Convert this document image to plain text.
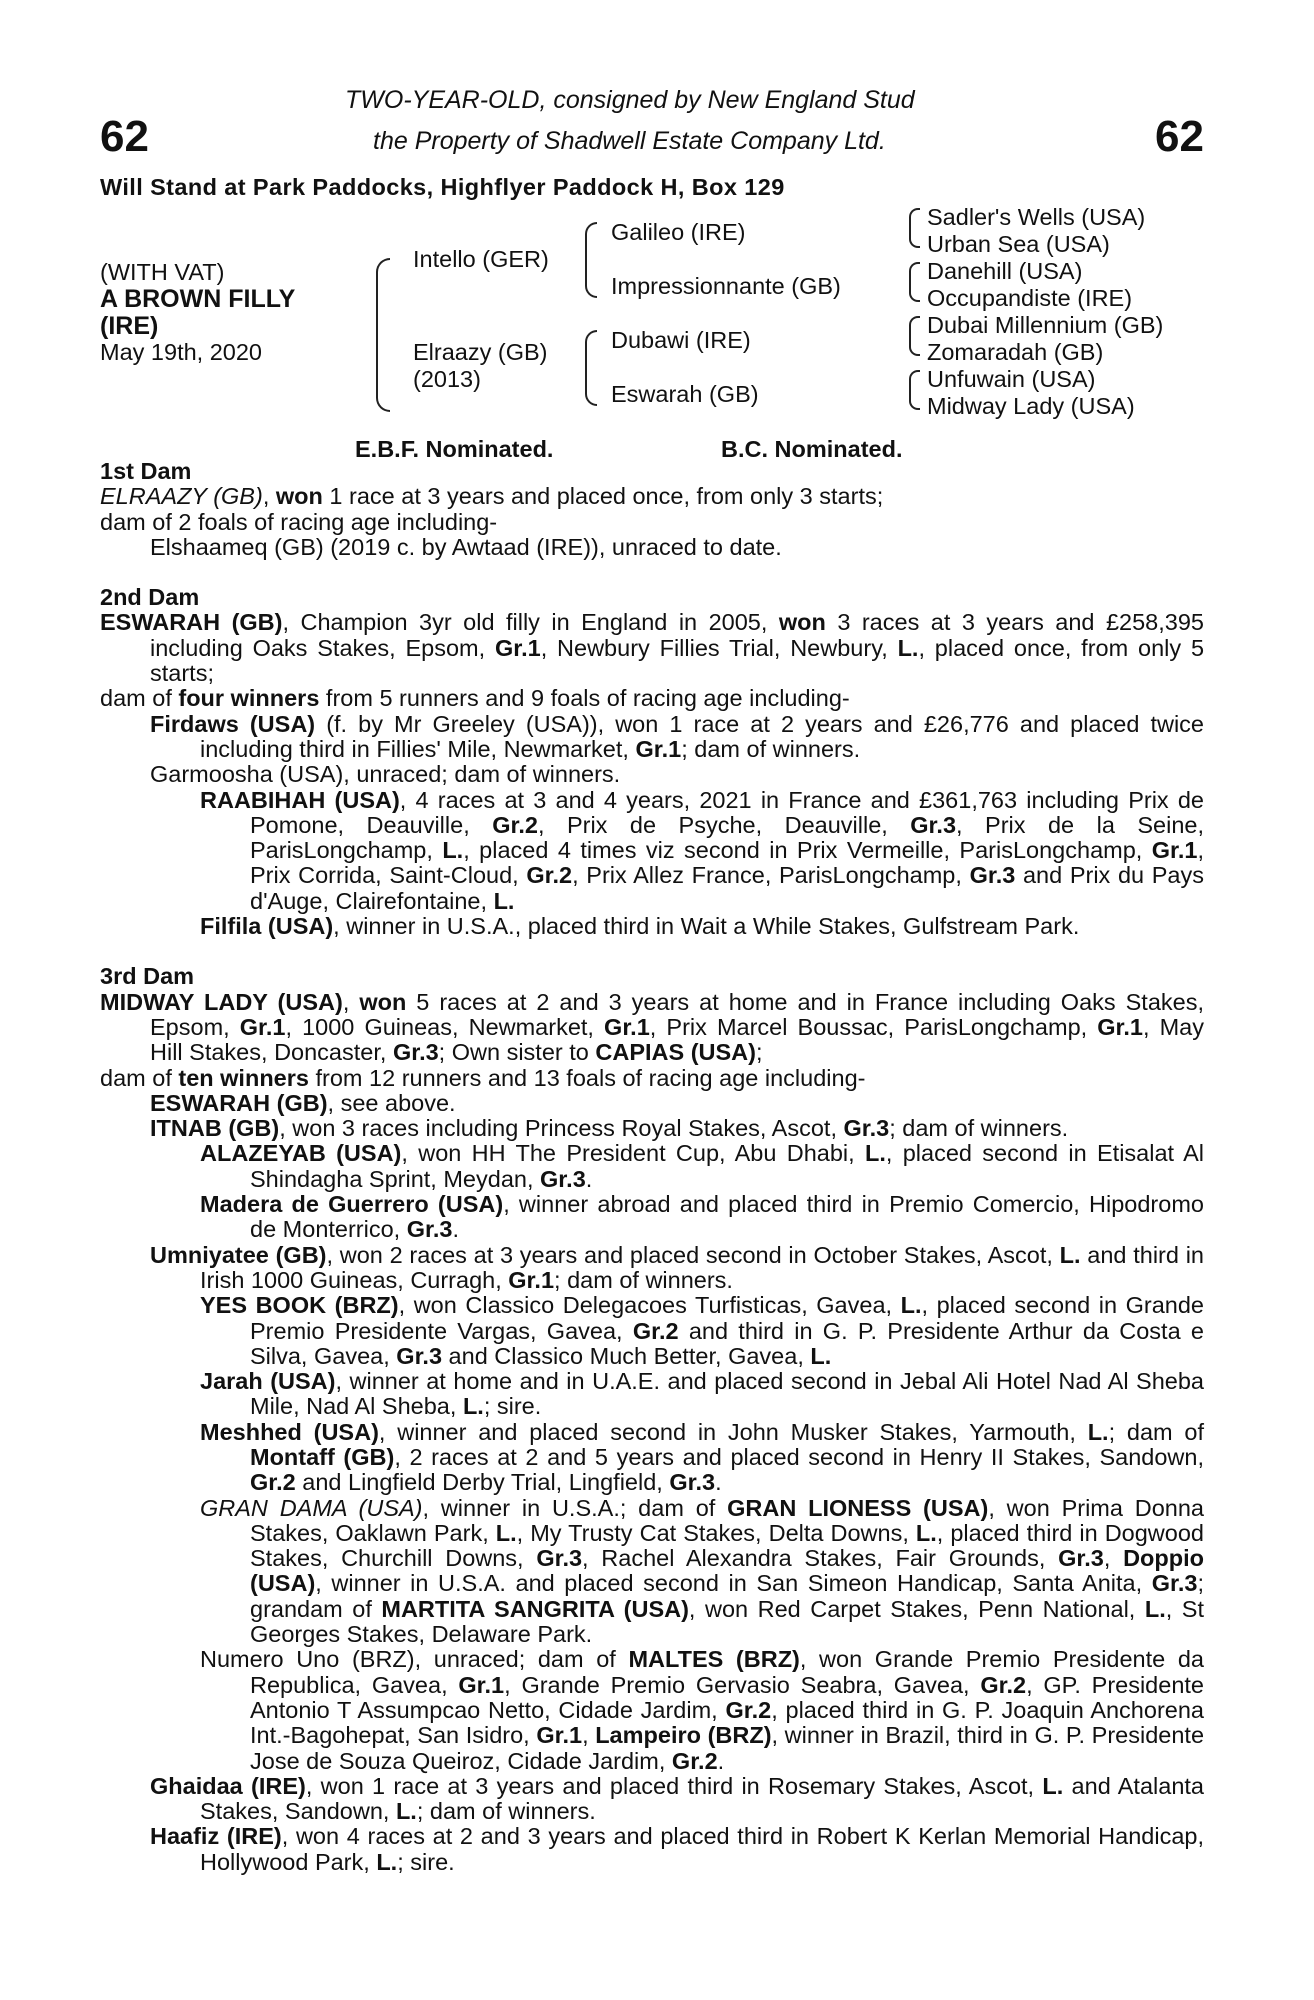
62	62
TWO-YEAR-OLD, consigned by New England Stud
the Property of Shadwell Estate Company Ltd.
Will Stand at Park Paddocks, Highflyer Paddock H, Box 129
(WITH VAT)
A BROWN FILLY
(IRE)
May 19th, 2020
Intello (GER)
Elraazy (GB)
(2013)
Galileo (IRE)
Impressionnante (GB)
Dubawi (IRE)
Eswarah (GB)
Sadler's Wells (USA)
Urban Sea (USA)
Danehill (USA)
Occupandiste (IRE)
Dubai Millennium (GB)
Zomaradah (GB)
Unfuwain (USA)
Midway Lady (USA)
E.B.F. Nominated.	B.C. Nominated.
1st Dam
ELRAAZY (GB), won 1 race at 3 years and placed once, from only 3 starts;
dam of 2 foals of racing age including-
Elshaameq (GB) (2019 c. by Awtaad (IRE)), unraced to date.
2nd Dam
ESWARAH (GB), Champion 3yr old filly in England in 2005, won 3 races at 3 years and £258,395 including Oaks Stakes, Epsom, Gr.1, Newbury Fillies Trial, Newbury, L., placed once, from only 5 starts;
dam of four winners from 5 runners and 9 foals of racing age including-
Firdaws (USA) (f. by Mr Greeley (USA)), won 1 race at 2 years and £26,776 and placed twice including third in Fillies' Mile, Newmarket, Gr.1; dam of winners.
Garmoosha (USA), unraced; dam of winners.
RAABIHAH (USA), 4 races at 3 and 4 years, 2021 in France and £361,763 including Prix de Pomone, Deauville, Gr.2, Prix de Psyche, Deauville, Gr.3, Prix de la Seine, ParisLongchamp, L., placed 4 times viz second in Prix Vermeille, ParisLongchamp, Gr.1, Prix Corrida, Saint-Cloud, Gr.2, Prix Allez France, ParisLongchamp, Gr.3 and Prix du Pays d'Auge, Clairefontaine, L.
Filfila (USA), winner in U.S.A., placed third in Wait a While Stakes, Gulfstream Park.
3rd Dam
MIDWAY LADY (USA), won 5 races at 2 and 3 years at home and in France including Oaks Stakes, Epsom, Gr.1, 1000 Guineas, Newmarket, Gr.1, Prix Marcel Boussac, ParisLongchamp, Gr.1, May Hill Stakes, Doncaster, Gr.3; Own sister to CAPIAS (USA);
dam of ten winners from 12 runners and 13 foals of racing age including-
ESWARAH (GB), see above.
ITNAB (GB), won 3 races including Princess Royal Stakes, Ascot, Gr.3; dam of winners.
ALAZEYAB (USA), won HH The President Cup, Abu Dhabi, L., placed second in Etisalat Al Shindagha Sprint, Meydan, Gr.3.
Madera de Guerrero (USA), winner abroad and placed third in Premio Comercio, Hipodromo de Monterrico, Gr.3.
Umniyatee (GB), won 2 races at 3 years and placed second in October Stakes, Ascot, L. and third in Irish 1000 Guineas, Curragh, Gr.1; dam of winners.
YES BOOK (BRZ), won Classico Delegacoes Turfisticas, Gavea, L., placed second in Grande Premio Presidente Vargas, Gavea, Gr.2 and third in G. P. Presidente Arthur da Costa e Silva, Gavea, Gr.3 and Classico Much Better, Gavea, L.
Jarah (USA), winner at home and in U.A.E. and placed second in Jebal Ali Hotel Nad Al Sheba Mile, Nad Al Sheba, L.; sire.
Meshhed (USA), winner and placed second in John Musker Stakes, Yarmouth, L.; dam of Montaff (GB), 2 races at 2 and 5 years and placed second in Henry II Stakes, Sandown, Gr.2 and Lingfield Derby Trial, Lingfield, Gr.3.
GRAN DAMA (USA), winner in U.S.A.; dam of GRAN LIONESS (USA), won Prima Donna Stakes, Oaklawn Park, L., My Trusty Cat Stakes, Delta Downs, L., placed third in Dogwood Stakes, Churchill Downs, Gr.3, Rachel Alexandra Stakes, Fair Grounds, Gr.3, Doppio (USA), winner in U.S.A. and placed second in San Simeon Handicap, Santa Anita, Gr.3; grandam of MARTITA SANGRITA (USA), won Red Carpet Stakes, Penn National, L., St Georges Stakes, Delaware Park.
Numero Uno (BRZ), unraced; dam of MALTES (BRZ), won Grande Premio Presidente da Republica, Gavea, Gr.1, Grande Premio Gervasio Seabra, Gavea, Gr.2, GP. Presidente Antonio T Assumpcao Netto, Cidade Jardim, Gr.2, placed third in G. P. Joaquin Anchorena Int.-Bagohepat, San Isidro, Gr.1, Lampeiro (BRZ), winner in Brazil, third in G. P. Presidente Jose de Souza Queiroz, Cidade Jardim, Gr.2.
Ghaidaa (IRE), won 1 race at 3 years and placed third in Rosemary Stakes, Ascot, L. and Atalanta Stakes, Sandown, L.; dam of winners.
Haafiz (IRE), won 4 races at 2 and 3 years and placed third in Robert K Kerlan Memorial Handicap, Hollywood Park, L.; sire.
